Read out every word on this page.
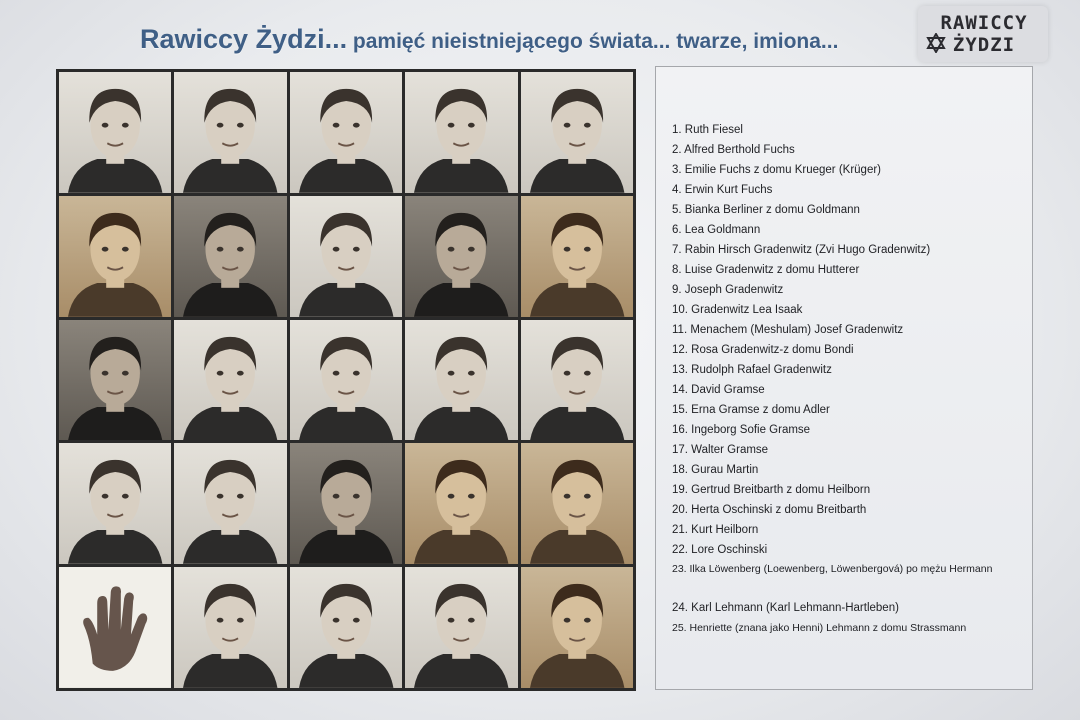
Rawiccy Żydzi... pamięć nieistniejącego świata... twarze, imiona...
RAWICCY
ŻYDZI
1. Ruth Fiesel
2. Alfred Berthold Fuchs
3. Emilie Fuchs z domu Krueger (Krüger)
4. Erwin Kurt Fuchs
5. Bianka Berliner z domu Goldmann
6. Lea Goldmann
7. Rabin Hirsch Gradenwitz (Zvi Hugo Gradenwitz)
8. Luise Gradenwitz z domu Hutterer
9. Joseph Gradenwitz
10. Gradenwitz Lea Isaak
11. Menachem (Meshulam) Josef Gradenwitz
12. Rosa Gradenwitz-z domu Bondi
13. Rudolph Rafael Gradenwitz
14. David Gramse
15. Erna Gramse z domu Adler
16. Ingeborg Sofie Gramse
17. Walter Gramse
18. Gurau Martin
19. Gertrud Breitbarth z domu Heilborn
20. Herta Oschinski z domu Breitbarth
21. Kurt Heilborn
22. Lore Oschinski
23. Ilka Löwenberg (Loewenberg, Löwenbergová) po mężu Hermann
24. Karl Lehmann (Karl Lehmann-Hartleben)
25. Henriette (znana jako Henni) Lehmann z domu Strassmann
